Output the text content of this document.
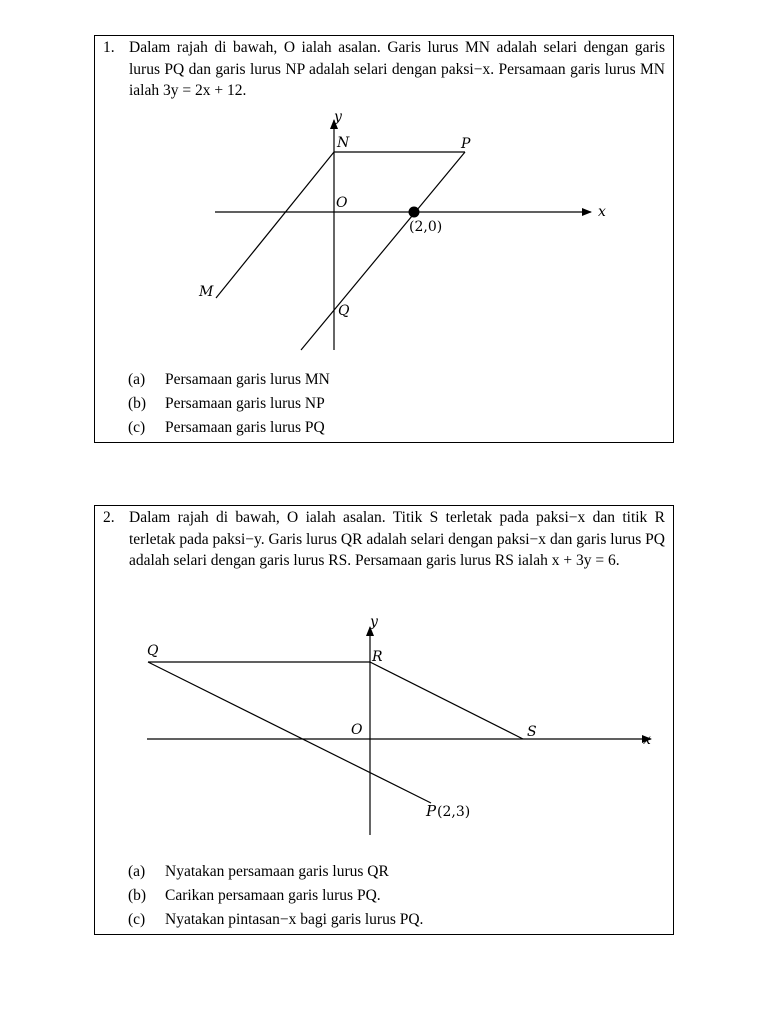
1. Dalam rajah di bawah, O ialah asalan. Garis lurus MN adalah selari dengan garis lurus PQ dan garis lurus NP adalah selari dengan paksi−x. Persamaan garis lurus MN ialah 3y = 2x + 12.
y
x
N	P
O
M
Q
(2,0)
(a) Persamaan garis lurus MN
(b) Persamaan garis lurus NP
(c) Persamaan garis lurus PQ
2. Dalam rajah di bawah, O ialah asalan. Titik S terletak pada paksi−x dan titik R terletak pada paksi−y. Garis lurus QR adalah selari dengan paksi−x dan garis lurus PQ adalah selari dengan garis lurus RS. Persamaan garis lurus RS ialah x + 3y = 6.
y
x
Q	R
O	S
P (2,3)
(a) Nyatakan persamaan garis lurus QR
(b) Carikan persamaan garis lurus PQ.
(c) Nyatakan pintasan−x bagi garis lurus PQ.
